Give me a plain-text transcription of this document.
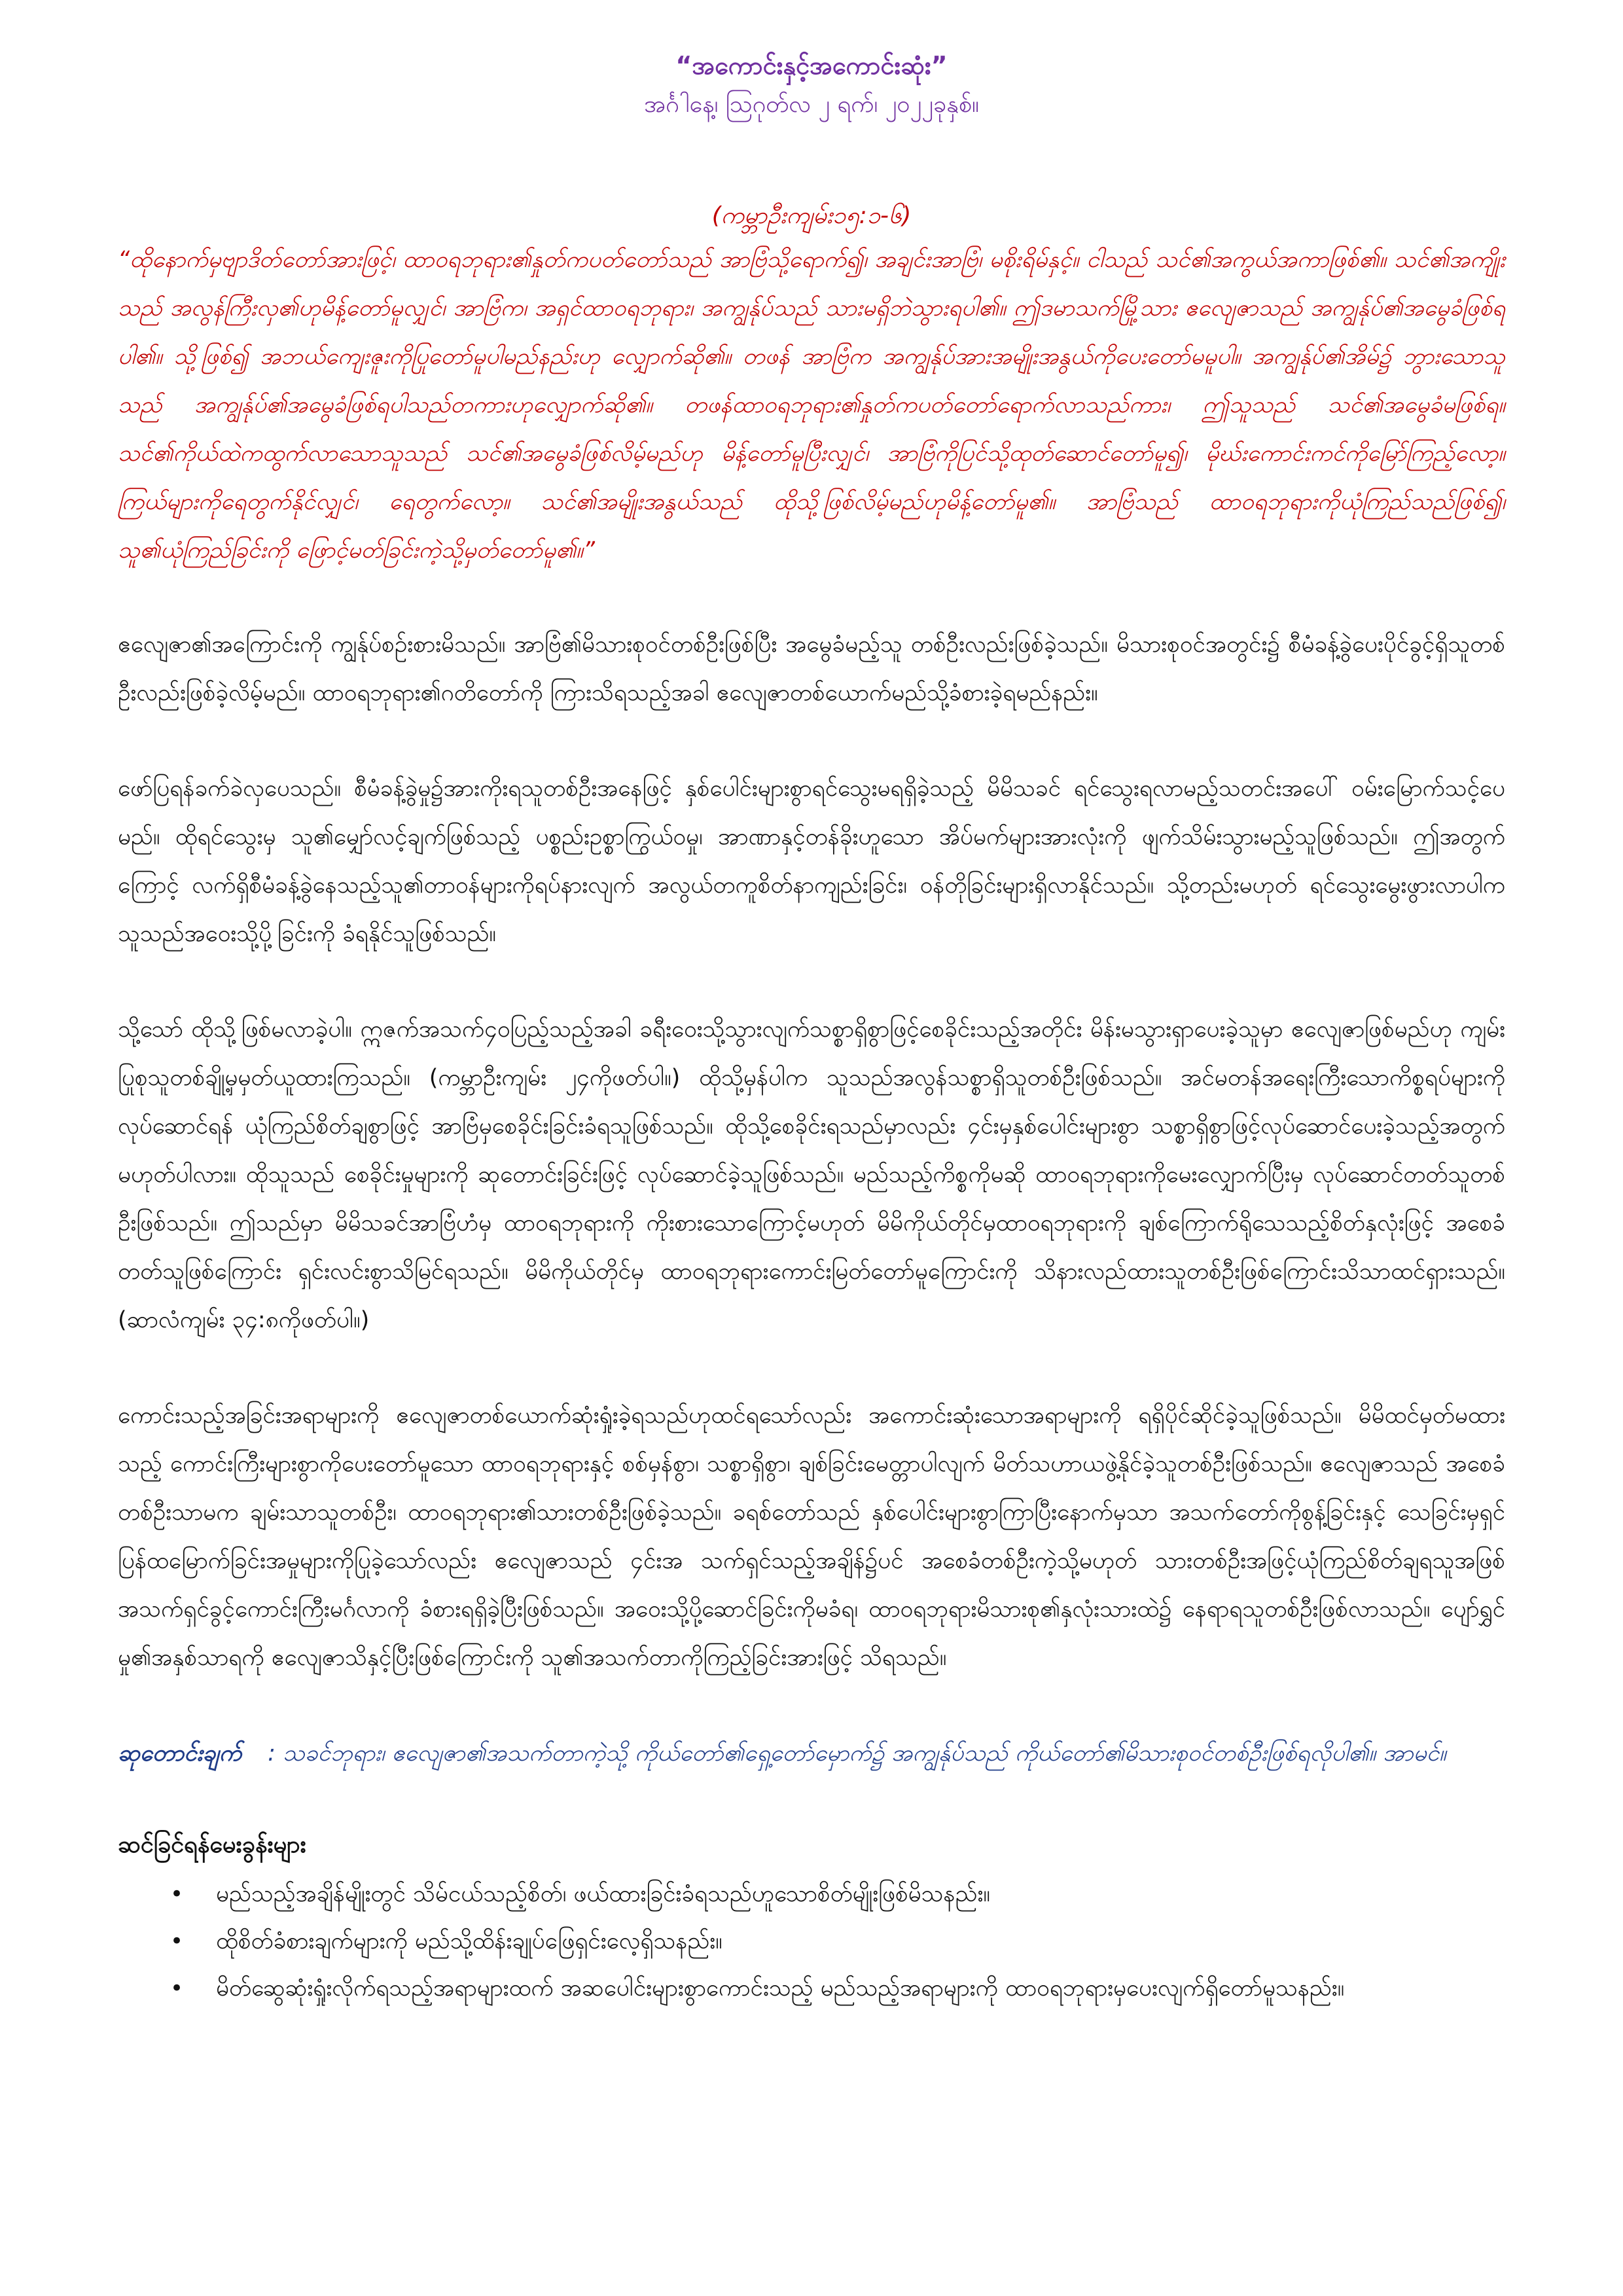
“အကောင်းနှင့်အကောင်းဆုံး”

အင်္ဂါနေ့၊ ဩဂုတ်လ ၂ ရက်၊ ၂၀၂၂ခုနှစ်။

(ကမ္ဘာဦးကျမ်း၁၅:၁-၆)

“ထိုနောက်မှဗျာဒိတ်တော်အားဖြင့်၊ ထာဝရဘုရား၏နှုတ်ကပတ်တော်သည် အာဗြံသို့ရောက်၍၊ အချင်းအာဗြံ၊ မစိုးရိမ်နှင့်။ ငါသည် သင်၏အကွယ်အကာဖြစ်၏။ သင်၏အကျိုးသည် အလွန်ကြီးလှ၏ဟုမိန့်တော်မူလျှင်၊ အာဗြံက၊ အရှင်ထာဝရဘုရား၊ အကျွန်ုပ်သည် သားမရှိဘဲသွားရပါ၏။ ဤဒမာသက်မြို့သား ဧလျေဇာသည် အကျွန်ုပ်၏အမွေခံဖြစ်ရပါ၏။ သို့ဖြစ်၍ အဘယ်ကျေးဇူးကိုပြုတော်မူပါမည်နည်းဟု လျှောက်ဆို၏။ တဖန် အာဗြံက အကျွန်ုပ်အားအမျိုးအနွယ်ကိုပေးတော်မမူပါ။ အကျွန်ုပ်၏အိမ်၌ ဘွားသောသူသည် အကျွန်ုပ်၏အမွေခံဖြစ်ရပါသည်တကားဟုလျှောက်ဆို၏။ တဖန်ထာဝရဘုရား၏နှုတ်ကပတ်တော်ရောက်လာသည်ကား၊ ဤသူသည် သင်၏အမွေခံမဖြစ်ရ။ သင်၏ကိုယ်ထဲကထွက်လာသောသူသည် သင်၏အမွေခံဖြစ်လိမ့်မည်ဟု မိန့်တော်မူပြီးလျှင်၊ အာဗြံကိုပြင်သို့ထုတ်ဆောင်တော်မူ၍၊ မိုဃ်းကောင်းကင်ကိုမြော်ကြည့်လော့။ ကြယ်များကိုရေတွက်နိုင်လျှင်၊ ရေတွက်လော့။ သင်၏အမျိုးအနွယ်သည် ထိုသို့ဖြစ်လိမ့်မည်ဟုမိန့်တော်မူ၏။ အာဗြံသည် ထာဝရဘုရားကိုယုံကြည်သည်ဖြစ်၍၊ သူ၏ယုံကြည်ခြင်းကို ဖြောင့်မတ်ခြင်းကဲ့သို့မှတ်တော်မူ၏။”

ဧလျေဇာ၏အကြောင်းကို ကျွန်ုပ်စဉ်းစားမိသည်။ အာဗြံ၏မိသားစုဝင်တစ်ဦးဖြစ်ပြီး အမွေခံမည့်သူ တစ်ဦးလည်းဖြစ်ခဲ့သည်။ မိသားစုဝင်အတွင်း၌ စီမံခန့်ခွဲပေးပိုင်ခွင့်ရှိသူတစ်ဦးလည်းဖြစ်ခဲ့လိမ့်မည်။ ထာဝရဘုရား၏ဂတိတော်ကို ကြားသိရသည့်အခါ ဧလျေဇာတစ်ယောက်မည်သို့ခံစားခဲ့ရမည်နည်း။

ဖော်ပြရန်ခက်ခဲလှပေသည်။ စီမံခန့်ခွဲမှု၌အားကိုးရသူတစ်ဦးအနေဖြင့် နှစ်ပေါင်းများစွာရင်သွေးမရရှိခဲ့သည့် မိမိသခင် ရင်သွေးရလာမည့်သတင်းအပေါ် ဝမ်းမြောက်သင့်ပေမည်။ ထိုရင်သွေးမှ သူ၏မျှော်လင့်ချက်ဖြစ်သည့် ပစ္စည်းဥစ္စာကြွယ်ဝမှု၊ အာဏာနှင့်တန်ခိုးဟူသော အိပ်မက်များအားလုံးကို ဖျက်သိမ်းသွားမည့်သူဖြစ်သည်။ ဤအတွက်ကြောင့် လက်ရှိစီမံခန့်ခွဲနေသည့်သူ၏တာဝန်များကိုရပ်နားလျက် အလွယ်တကူစိတ်နာကျည်းခြင်း၊ ဝန်တိုခြင်းများရှိလာနိုင်သည်။ သို့တည်းမဟုတ် ရင်သွေးမွေးဖွားလာပါက သူသည်အဝေးသို့ပို့ခြင်းကို ခံရနိုင်သူဖြစ်သည်။

သို့သော် ထိုသို့ဖြစ်မလာခဲ့ပါ။ ဣဇက်အသက်၄၀ပြည့်သည့်အခါ ခရီးဝေးသို့သွားလျက်သစ္စာရှိစွာဖြင့်စေခိုင်းသည့်အတိုင်း မိန်းမသွားရှာပေးခဲ့သူမှာ ဧလျေဇာဖြစ်မည်ဟု ကျမ်းပြုစုသူတစ်ချို့မှမှတ်ယူထားကြသည်။ (ကမ္ဘာဦးကျမ်း ၂၄ကိုဖတ်ပါ။) ထိုသို့မှန်ပါက သူသည်အလွန်သစ္စာရှိသူတစ်ဦးဖြစ်သည်။ အင်မတန်အရေးကြီးသောကိစ္စရပ်များကို လုပ်ဆောင်ရန် ယုံကြည်စိတ်ချစွာဖြင့် အာဗြံမှစေခိုင်းခြင်းခံရသူဖြစ်သည်။ ထိုသို့စေခိုင်းရသည်မှာလည်း ၄င်းမှနှစ်ပေါင်းများစွာ သစ္စာရှိစွာဖြင့်လုပ်ဆောင်ပေးခဲ့သည့်အတွက်မဟုတ်ပါလား။ ထိုသူသည် စေခိုင်းမှုများကို ဆုတောင်းခြင်းဖြင့် လုပ်ဆောင်ခဲ့သူဖြစ်သည်။ မည်သည့်ကိစ္စကိုမဆို ထာဝရဘုရားကိုမေးလျှောက်ပြီးမှ လုပ်ဆောင်တတ်သူတစ်ဦးဖြစ်သည်။ ဤသည်မှာ မိမိသခင်အာဗြံဟံမှ ထာဝရဘုရားကို ကိုးစားသောကြောင့်မဟုတ် မိမိကိုယ်တိုင်မှထာဝရဘုရားကို ချစ်ကြောက်ရိုသေသည့်စိတ်နှလုံးဖြင့် အစေခံတတ်သူဖြစ်ကြောင်း ရှင်းလင်းစွာသိမြင်ရသည်။ မိမိကိုယ်တိုင်မှ ထာဝရဘုရားကောင်းမြတ်တော်မူကြောင်းကို သိနားလည်ထားသူတစ်ဦးဖြစ်ကြောင်းသိသာထင်ရှားသည်။ (ဆာလံကျမ်း ၃၄:၈ကိုဖတ်ပါ။)

ကောင်းသည့်အခြင်းအရာများကို ဧလျေဇာတစ်ယောက်ဆုံးရှုံးခဲ့ရသည်ဟုထင်ရသော်လည်း အကောင်းဆုံးသောအရာများကို ရရှိပိုင်ဆိုင်ခဲ့သူဖြစ်သည်။ မိမိထင်မှတ်မထားသည့် ကောင်းကြီးများစွာကိုပေးတော်မူသော ထာဝရဘုရားနှင့် စစ်မှန်စွာ၊ သစ္စာရှိစွာ၊ ချစ်ခြင်းမေတ္တာပါလျက် မိတ်သဟာယဖွဲ့နိုင်ခဲ့သူတစ်ဦးဖြစ်သည်။ ဧလျေဇာသည် အစေခံတစ်ဦးသာမက ချမ်းသာသူတစ်ဦး၊ ထာဝရဘုရား၏သားတစ်ဦးဖြစ်ခဲ့သည်။ ခရစ်တော်သည် နှစ်ပေါင်းများစွာကြာပြီးနောက်မှသာ အသက်တော်ကိုစွန့်ခြင်းနှင့် သေခြင်းမှရှင်ပြန်ထမြောက်ခြင်းအမှုများကိုပြုခဲ့သော်လည်း ဧလျေဇာသည် ၄င်းအ သက်ရှင်သည့်အချိန်၌ပင် အစေခံတစ်ဦးကဲ့သို့မဟုတ် သားတစ်ဦးအဖြင့်ယုံကြည်စိတ်ချရသူအဖြစ် အသက်ရှင်ခွင့်ကောင်းကြီးမင်္ဂလာကို ခံစားရရှိခဲ့ပြီးဖြစ်သည်။ အဝေးသို့ပို့ဆောင်ခြင်းကိုမခံရ၊ ထာဝရဘုရားမိသားစု၏နှလုံးသားထဲ၌ နေရာရသူတစ်ဦးဖြစ်လာသည်။ ပျော်ရွှင်မှု၏အနှစ်သာရကို ဧလျေဇာသိနှင့်ပြီးဖြစ်ကြောင်းကို သူ၏အသက်တာကိုကြည့်ခြင်းအားဖြင့် သိရသည်။

ဆုတောင်းချက် : သခင်ဘုရား၊ ဧလျေဇာ၏အသက်တာကဲ့သို့ ကိုယ်တော်၏ရှေ့တော်မှောက်၌ အကျွန်ုပ်သည် ကိုယ်တော်၏မိသားစုဝင်တစ်ဦးဖြစ်ရလိုပါ၏။ အာမင်။

ဆင်ခြင်ရန်မေးခွန်းများ

• မည်သည့်အချိန်မျိုးတွင် သိမ်ငယ်သည့်စိတ်၊ ဖယ်ထားခြင်းခံရသည်ဟူသောစိတ်မျိုးဖြစ်မိသနည်း။
• ထိုစိတ်ခံစားချက်များကို မည်သို့ထိန်းချုပ်ဖြေရှင်းလေ့ရှိသနည်း။
• မိတ်ဆွေဆုံးရှုံးလိုက်ရသည့်အရာများထက် အဆပေါင်းများစွာကောင်းသည့် မည်သည့်အရာများကို ထာဝရဘုရားမှပေးလျက်ရှိတော်မူသနည်း။
